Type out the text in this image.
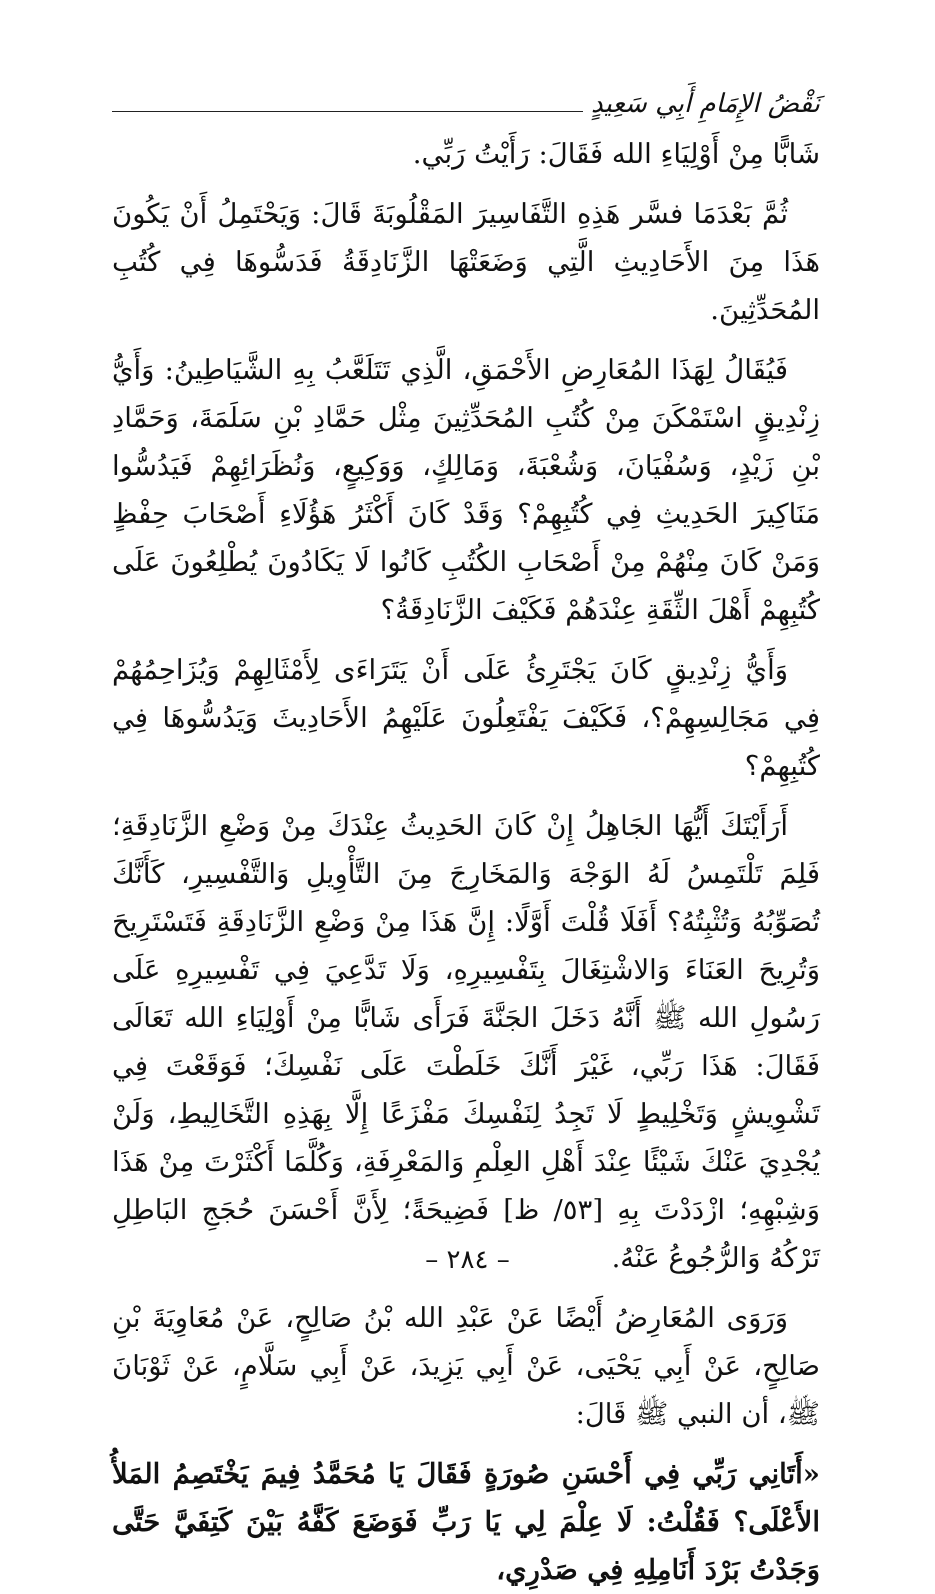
نَقْضُ الإِمَامِ أَبِي سَعِيدٍ

شَابًّا مِنْ أَوْلِيَاءِ الله فَقَالَ: رَأَيْتُ رَبِّي.

ثُمَّ بَعْدَمَا فسَّر هَذِهِ التَّفَاسِيرَ المَقْلُوبَةَ قَالَ: وَيَحْتَمِلُ أَنْ يَكُونَ هَذَا مِنَ الأَحَادِيثِ الَّتِي وَضَعَتْهَا الزَّنَادِقَةُ فَدَسُّوهَا فِي كُتُبِ المُحَدِّثِينَ.

فَيُقَالُ لِهَذَا المُعَارِضِ الأَحْمَقِ، الَّذِي تَتَلَعَّبُ بِهِ الشَّيَاطِينُ: وَأَيُّ زِنْدِيقٍ اسْتَمْكَنَ مِنْ كُتُبِ المُحَدِّثِينَ مِثْل حَمَّادِ بْنِ سَلَمَةَ، وَحَمَّادِ بْنِ زَيْدٍ، وَسُفْيَانَ، وَشُعْبَةَ، وَمَالِكٍ، وَوَكِيعٍ، وَنُظَرَائِهِمْ فَيَدُسُّوا مَنَاكِيرَ الحَدِيثِ فِي كُتُبِهِمْ؟ وَقَدْ كَانَ أَكْثَرُ هَؤُلَاءِ أَصْحَابَ حِفْظٍ وَمَنْ كَانَ مِنْهُمْ مِنْ أَصْحَابِ الكُتُبِ كَانُوا لَا يَكَادُونَ يُطْلِعُونَ عَلَى كُتُبِهِمْ أَهْلَ الثِّقَةِ عِنْدَهُمْ فَكَيْفَ الزَّنَادِقَةُ؟

وَأَيُّ زِنْدِيقٍ كَانَ يَجْتَرِئُ عَلَى أَنْ يَتَرَاءَى لِأَمْثَالِهِمْ وَيُزَاحِمُهُمْ فِي مَجَالِسِهِمْ؟، فَكَيْفَ يَفْتَعِلُونَ عَلَيْهِمُ الأَحَادِيثَ وَيَدُسُّوهَا فِي كُتُبِهِمْ؟

أَرَأَيْتَكَ أَيُّهَا الجَاهِلُ إِنْ كَانَ الحَدِيثُ عِنْدَكَ مِنْ وَضْعِ الزَّنَادِقَةِ؛ فَلِمَ تَلْتَمِسُ لَهُ الوَجْهَ وَالمَخَارِجَ مِنَ التَّأْوِيلِ وَالتَّفْسِيرِ، كَأَنَّكَ تُصَوِّبُهُ وَتُثْبِتُهُ؟ أَفَلَا قُلْتَ أَوَّلًا: إِنَّ هَذَا مِنْ وَضْعِ الزَّنَادِقَةِ فَتَسْتَرِيحَ وَتُرِيحَ العَنَاءَ وَالاشْتِغَالَ بِتَفْسِيرِهِ، وَلَا تَدَّعِيَ فِي تَفْسِيرِهِ عَلَى رَسُولِ الله ﷺ أَنَّهُ دَخَلَ الجَنَّةَ فَرَأَى شَابًّا مِنْ أَوْلِيَاءِ الله تَعَالَى فَقَالَ: هَذَا رَبِّي، غَيْرَ أَنَّكَ خَلَطْتَ عَلَى نَفْسِكَ؛ فَوَقَعْتَ فِي تَشْوِيشٍ وَتَخْلِيطٍ لَا تَجِدُ لِنَفْسِكَ مَفْزَعًا إِلَّا بِهَذِهِ التَّخَالِيطِ، وَلَنْ يُجْدِيَ عَنْكَ شَيْئًا عِنْدَ أَهْلِ العِلْمِ وَالمَعْرِفَةِ، وَكُلَّمَا أَكْثَرْتَ مِنْ هَذَا وَشِبْهِهِ؛ ازْدَدْتَ بِهِ [٥٣/ ظ] فَضِيحَةً؛ لِأَنَّ أَحْسَنَ حُجَجِ البَاطِلِ تَرْكُهُ وَالرُّجُوعُ عَنْهُ.

وَرَوَى المُعَارِضُ أَيْضًا عَنْ عَبْدِ الله بْنُ صَالِحٍ، عَنْ مُعَاوِيَةَ بْنِ صَالِحٍ، عَنْ أَبِي يَحْيَى، عَنْ أَبِي يَزِيدَ، عَنْ أَبِي سَلَّامٍ، عَنْ ثَوْبَانَ ﷺ، أن النبي ﷺ قَالَ:

«أَتَانِي رَبِّي فِي أَحْسَنِ صُورَةٍ فَقَالَ يَا مُحَمَّدُ فِيمَ يَخْتَصِمُ المَلأُ الأَعْلَى؟ فَقُلْتُ: لَا عِلْمَ لِي يَا رَبِّ فَوَضَعَ كَفَّهُ بَيْنَ كَتِفَيَّ حَتَّى وَجَدْتُ بَرْدَ أَنَامِلِهِ فِي صَدْرِي،

– ٢٨٤ –
